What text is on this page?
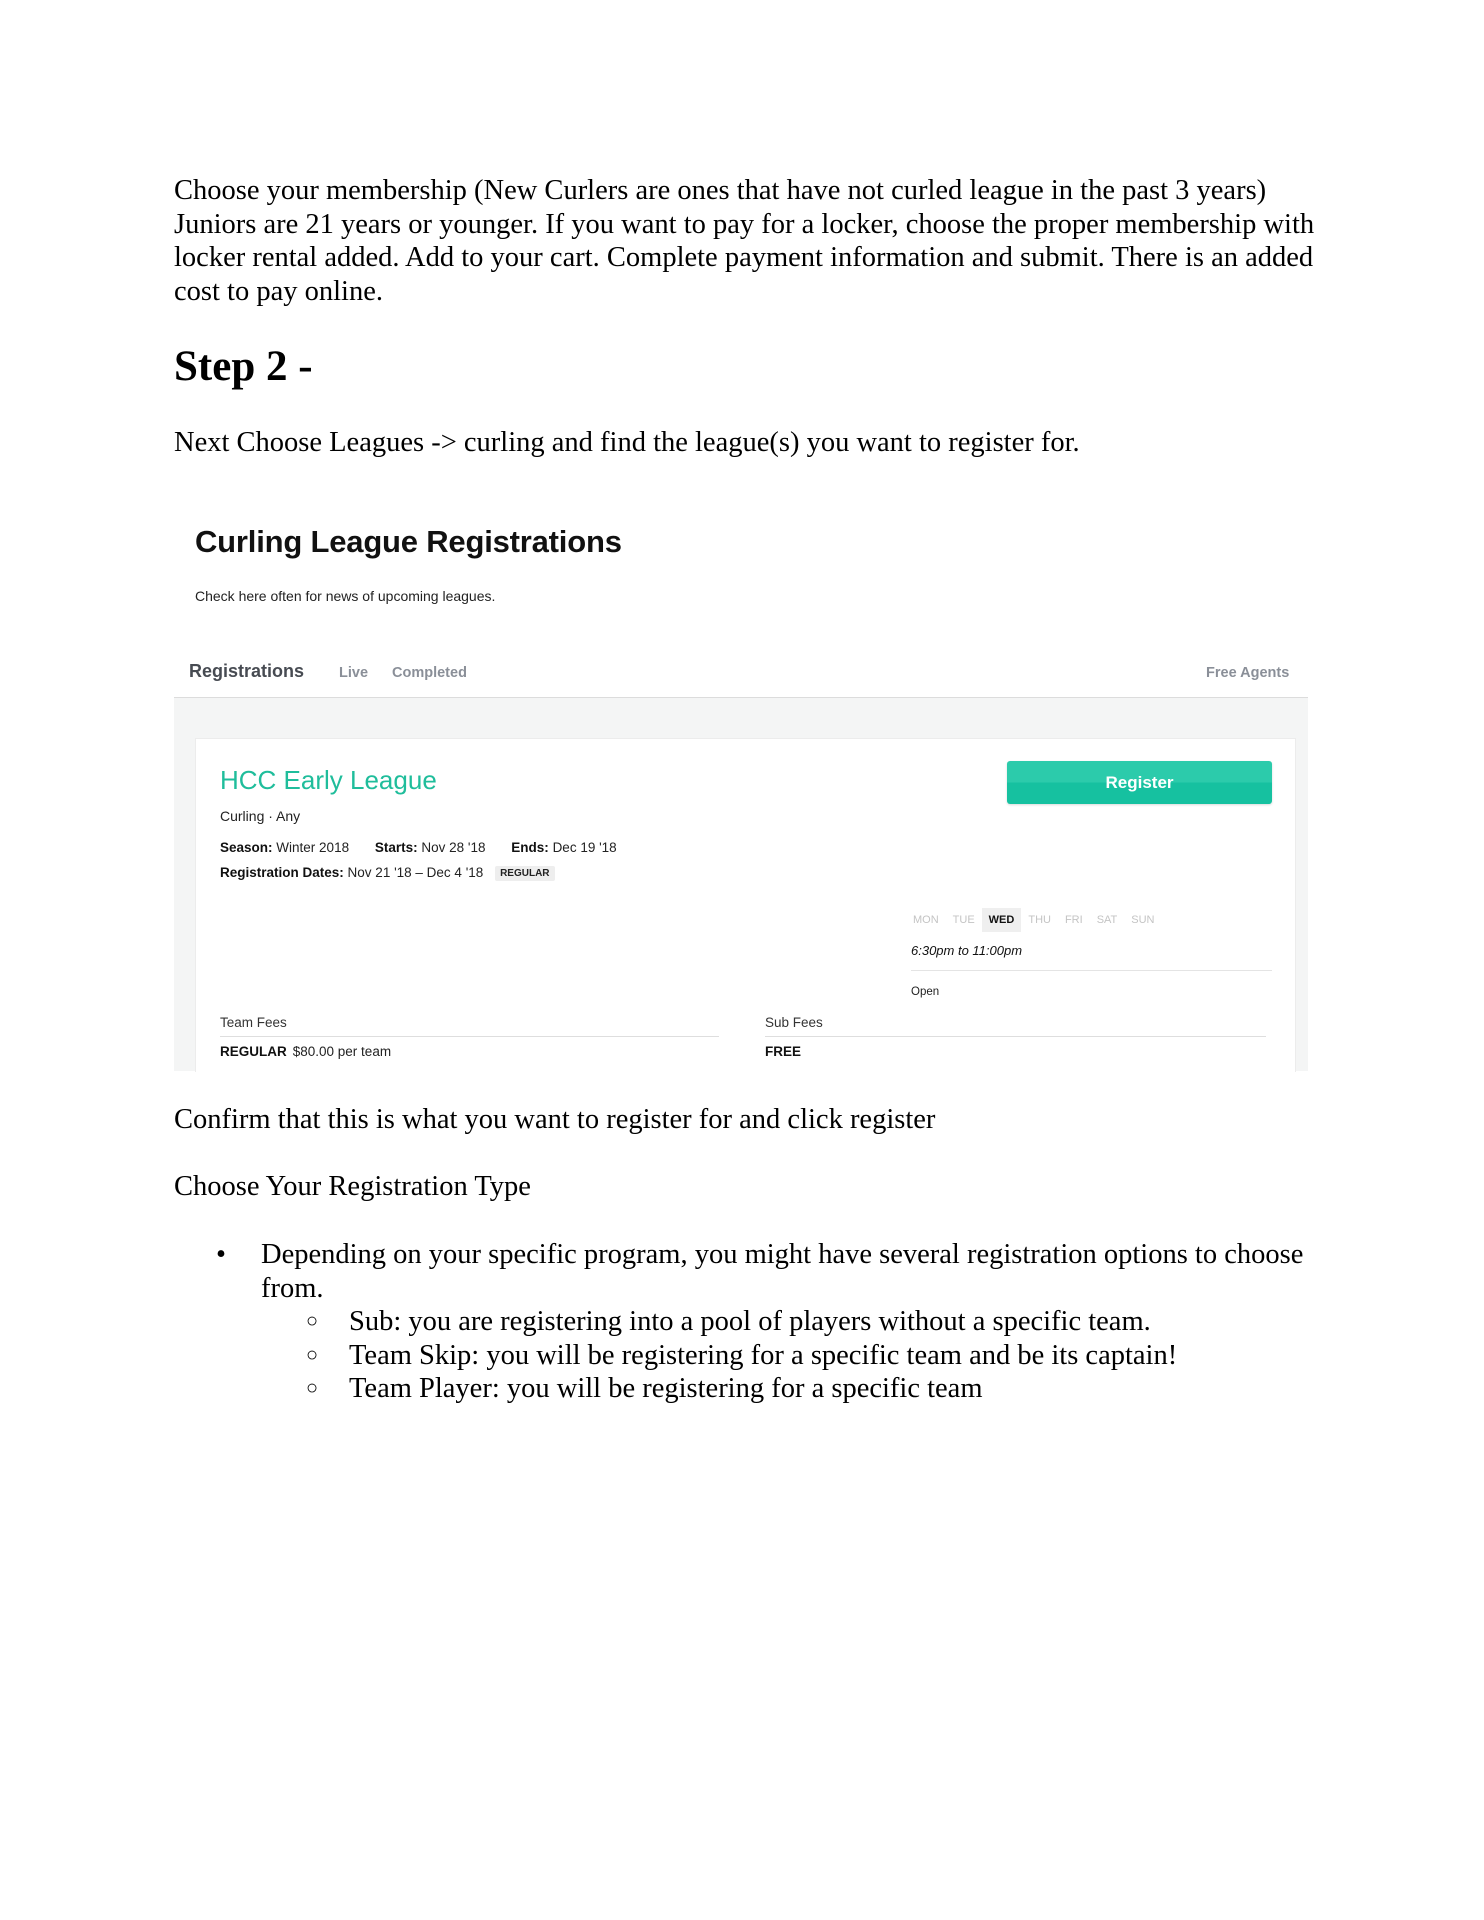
Choose your membership (New Curlers are ones that have not curled league in the past 3 years) Juniors are 21 years or younger. If you want to pay for a locker, choose the proper membership with locker rental added. Add to your cart. Complete payment information and submit. There is an added cost to pay online.
Step 2 -
Next Choose Leagues -> curling and find the league(s) you want to register for.
Curling League Registrations
Check here often for news of upcoming leagues.
Registrations Live Completed	Free Agents
HCC Early League
Curling · Any
Season: Winter 2018 Starts: Nov 28 '18 Ends: Dec 19 '18
Registration Dates: Nov 21 '18 – Dec 4 '18 REGULAR
Register
MON	TUE	WED	THU	FRI	SAT	SUN
6:30pm to 11:00pm
Open
Team Fees
REGULAR $80.00 per team
Sub Fees
FREE
Confirm that this is what you want to register for and click register
Choose Your Registration Type
• Depending on your specific program, you might have several registration options to choose from.
○ Sub: you are registering into a pool of players without a specific team.
○ Team Skip: you will be registering for a specific team and be its captain!
○ Team Player: you will be registering for a specific team
